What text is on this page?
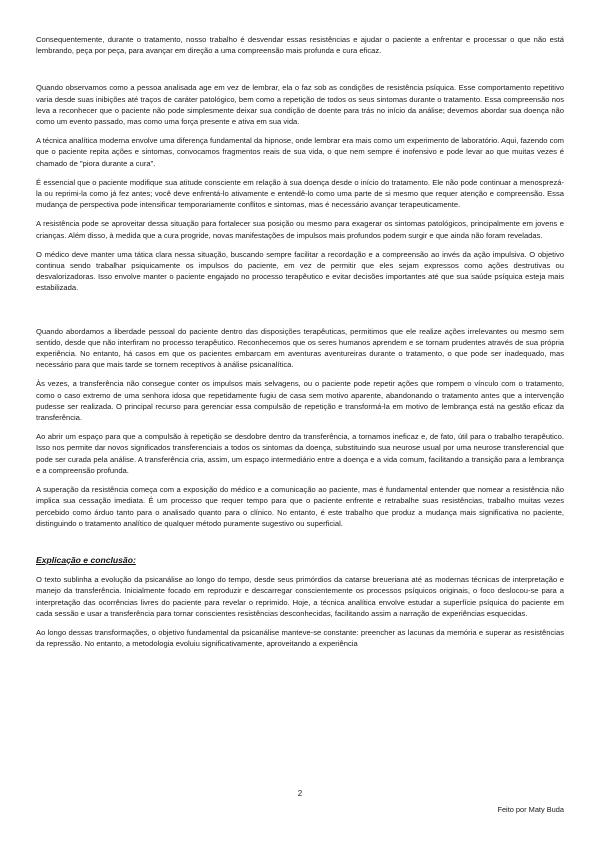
Consequentemente, durante o tratamento, nosso trabalho é desvendar essas resistências e ajudar o paciente a enfrentar e processar o que não está lembrando, peça por peça, para avançar em direção a uma compreensão mais profunda e cura eficaz.

Quando observamos como a pessoa analisada age em vez de lembrar, ela o faz sob as condições de resistência psíquica. Esse comportamento repetitivo varia desde suas inibições até traços de caráter patológico, bem como a repetição de todos os seus sintomas durante o tratamento. Essa compreensão nos leva a reconhecer que o paciente não pode simplesmente deixar sua condição de doente para trás no início da análise; devemos abordar sua doença não como um evento passado, mas como uma força presente e ativa em sua vida.

A técnica analítica moderna envolve uma diferença fundamental da hipnose, onde lembrar era mais como um experimento de laboratório. Aqui, fazendo com que o paciente repita ações e sintomas, convocamos fragmentos reais de sua vida, o que nem sempre é inofensivo e pode levar ao que muitas vezes é chamado de "piora durante a cura".

É essencial que o paciente modifique sua atitude consciente em relação à sua doença desde o início do tratamento. Ele não pode continuar a menosprezá-la ou reprimi-la como já fez antes; você deve enfrentá-lo ativamente e entendê-lo como uma parte de si mesmo que requer atenção e compreensão. Essa mudança de perspectiva pode intensificar temporariamente conflitos e sintomas, mas é necessário avançar terapeuticamente.

A resistência pode se aproveitar dessa situação para fortalecer sua posição ou mesmo para exagerar os sintomas patológicos, principalmente em jovens e crianças. Além disso, à medida que a cura progride, novas manifestações de impulsos mais profundos podem surgir e que ainda não foram reveladas.

O médico deve manter uma tática clara nessa situação, buscando sempre facilitar a recordação e a compreensão ao invés da ação impulsiva. O objetivo continua sendo trabalhar psiquicamente os impulsos do paciente, em vez de permitir que eles sejam expressos como ações destrutivas ou desvalorizadoras. Isso envolve manter o paciente engajado no processo terapêutico e evitar decisões importantes até que sua saúde psíquica esteja mais estabilizada.

Quando abordamos a liberdade pessoal do paciente dentro das disposições terapêuticas, permitimos que ele realize ações irrelevantes ou mesmo sem sentido, desde que não interfiram no processo terapêutico. Reconhecemos que os seres humanos aprendem e se tornam prudentes através de sua própria experiência. No entanto, há casos em que os pacientes embarcam em aventuras aventureiras durante o tratamento, o que pode ser inadequado, mas necessário para que mais tarde se tornem receptivos à análise psicanalítica.

Às vezes, a transferência não consegue conter os impulsos mais selvagens, ou o paciente pode repetir ações que rompem o vínculo com o tratamento, como o caso extremo de uma senhora idosa que repetidamente fugiu de casa sem motivo aparente, abandonando o tratamento antes que a intervenção pudesse ser realizada. O principal recurso para gerenciar essa compulsão de repetição e transformá-la em motivo de lembrança está na gestão eficaz da transferência.

Ao abrir um espaço para que a compulsão à repetição se desdobre dentro da transferência, a tornamos ineficaz e, de fato, útil para o trabalho terapêutico. Isso nos permite dar novos significados transferenciais a todos os sintomas da doença, substituindo sua neurose usual por uma neurose transferencial que pode ser curada pela análise. A transferência cria, assim, um espaço intermediário entre a doença e a vida comum, facilitando a transição para a lembrança e a compreensão profunda.

A superação da resistência começa com a exposição do médico e a comunicação ao paciente, mas é fundamental entender que nomear a resistência não implica sua cessação imediata. É um processo que requer tempo para que o paciente enfrente e retrabalhe suas resistências, trabalho muitas vezes percebido como árduo tanto para o analisado quanto para o clínico. No entanto, é este trabalho que produz a mudança mais significativa no paciente, distinguindo o tratamento analítico de qualquer método puramente sugestivo ou superficial.

Explicação e conclusão:

O texto sublinha a evolução da psicanálise ao longo do tempo, desde seus primórdios da catarse breueriana até as modernas técnicas de interpretação e manejo da transferência. Inicialmente focado em reproduzir e descarregar conscientemente os processos psíquicos originais, o foco deslocou-se para a interpretação das ocorrências livres do paciente para revelar o reprimido. Hoje, a técnica analítica envolve estudar a superfície psíquica do paciente em cada sessão e usar a transferência para tornar conscientes resistências desconhecidas, facilitando assim a narração de experiências esquecidas.

Ao longo dessas transformações, o objetivo fundamental da psicanálise manteve-se constante: preencher as lacunas da memória e superar as resistências da repressão. No entanto, a metodologia evoluiu significativamente, aproveitando a experiência

2
Feito por Maty Buda
